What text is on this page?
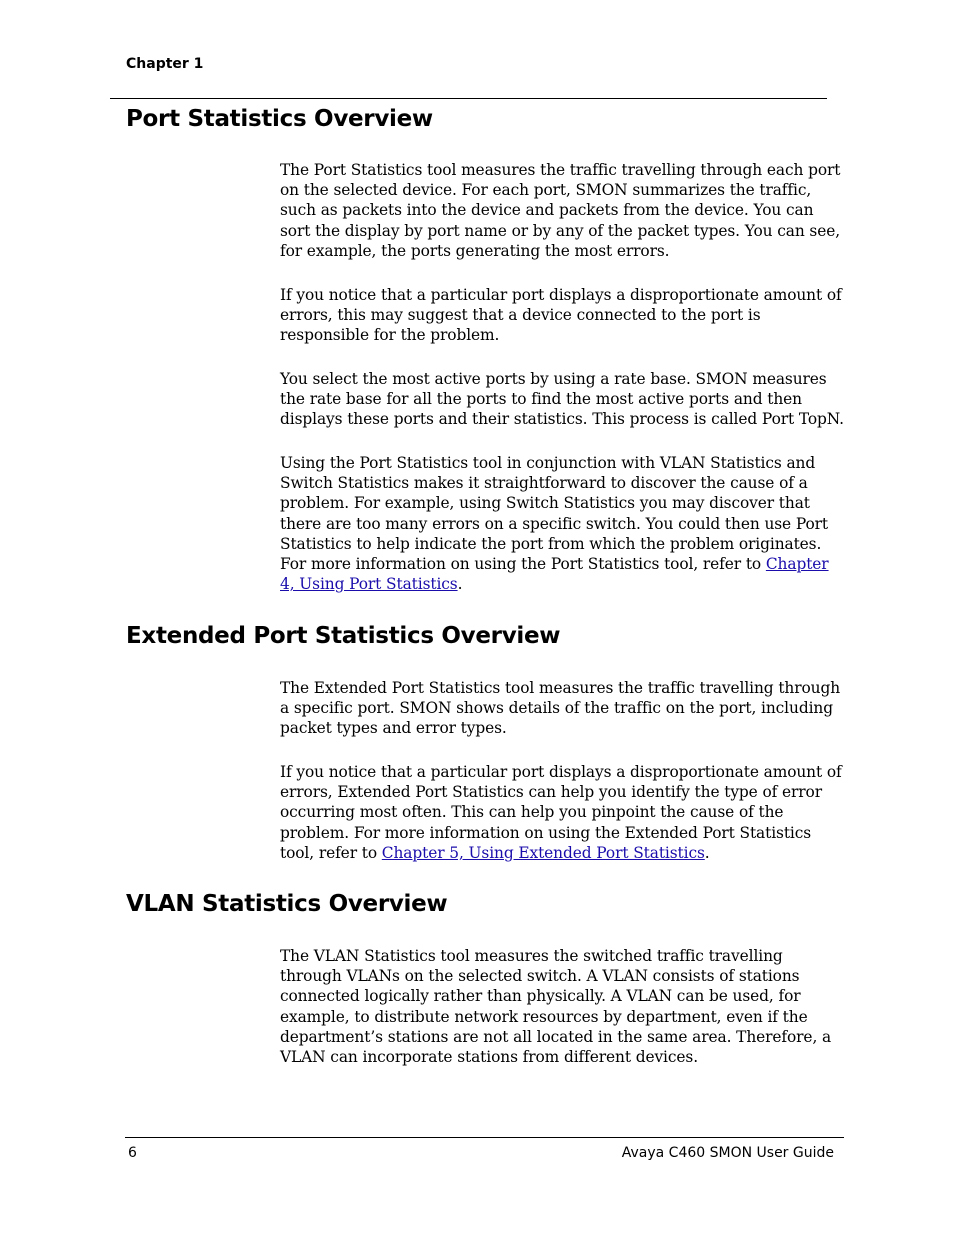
Chapter 1
Port Statistics Overview

The Port Statistics tool measures the traffic travelling through each port on the selected device. For each port, SMON summarizes the traffic, such as packets into the device and packets from the device. You can sort the display by port name or by any of the packet types. You can see, for example, the ports generating the most errors.

If you notice that a particular port displays a disproportionate amount of errors, this may suggest that a device connected to the port is responsible for the problem.

You select the most active ports by using a rate base. SMON measures the rate base for all the ports to find the most active ports and then displays these ports and their statistics. This process is called Port TopN.

Using the Port Statistics tool in conjunction with VLAN Statistics and Switch Statistics makes it straightforward to discover the cause of a problem. For example, using Switch Statistics you may discover that there are too many errors on a specific switch. You could then use Port Statistics to help indicate the port from which the problem originates. For more information on using the Port Statistics tool, refer to Chapter 4, Using Port Statistics.

Extended Port Statistics Overview

The Extended Port Statistics tool measures the traffic travelling through a specific port. SMON shows details of the traffic on the port, including packet types and error types.

If you notice that a particular port displays a disproportionate amount of errors, Extended Port Statistics can help you identify the type of error occurring most often. This can help you pinpoint the cause of the problem. For more information on using the Extended Port Statistics tool, refer to Chapter 5, Using Extended Port Statistics.

VLAN Statistics Overview

The VLAN Statistics tool measures the switched traffic travelling through VLANs on the selected switch. A VLAN consists of stations connected logically rather than physically. A VLAN can be used, for example, to distribute network resources by department, even if the department’s stations are not all located in the same area. Therefore, a VLAN can incorporate stations from different devices.

6	Avaya C460 SMON User Guide
